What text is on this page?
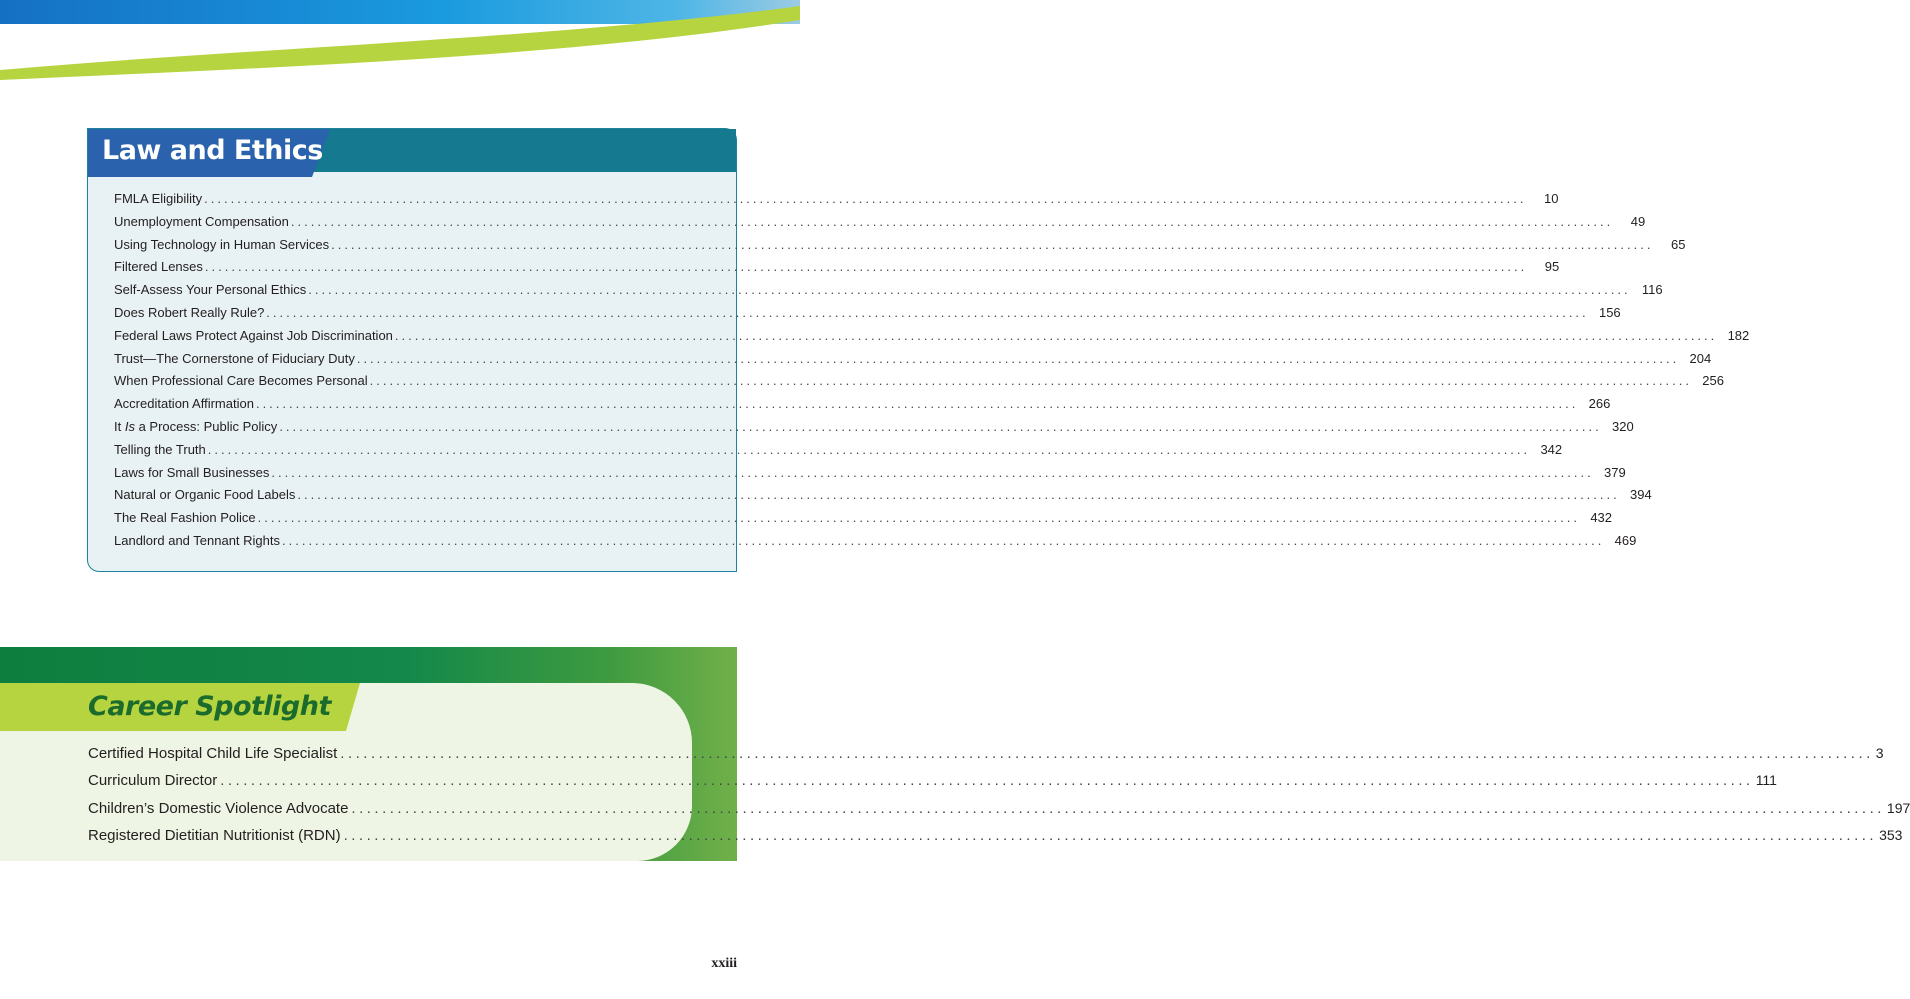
Law and Ethics
FMLA Eligibility ........................................................................................................................................................................................................	10
Unemployment Compensation ........................................................................................................................................................................................................	49
Using Technology in Human Services ........................................................................................................................................................................................................	65
Filtered Lenses ........................................................................................................................................................................................................	95
Self-Assess Your Personal Ethics ........................................................................................................................................................................................................ 116
Does Robert Really Rule? ........................................................................................................................................................................................................ 156
Federal Laws Protect Against Job Discrimination ........................................................................................................................................................................................................ 182
Trust—The Cornerstone of Fiduciary Duty ........................................................................................................................................................................................................ 204
When Professional Care Becomes Personal ........................................................................................................................................................................................................ 256
Accreditation Affirmation ........................................................................................................................................................................................................ 266
It Is a Process: Public Policy ........................................................................................................................................................................................................ 320
Telling the Truth ........................................................................................................................................................................................................ 342
Laws for Small Businesses ........................................................................................................................................................................................................ 379
Natural or Organic Food Labels ........................................................................................................................................................................................................ 394
The Real Fashion Police ........................................................................................................................................................................................................ 432
Landlord and Tennant Rights ........................................................................................................................................................................................................ 469
Career Spotlight
Certified Hospital Child Life Specialist ........................................................................................................................................................................................................ 3
Curriculum Director ........................................................................................................................................................................................................ 111
Children’s Domestic Violence Advocate ........................................................................................................................................................................................................ 197
Registered Dietitian Nutritionist (RDN) ........................................................................................................................................................................................................ 353
xxiii
